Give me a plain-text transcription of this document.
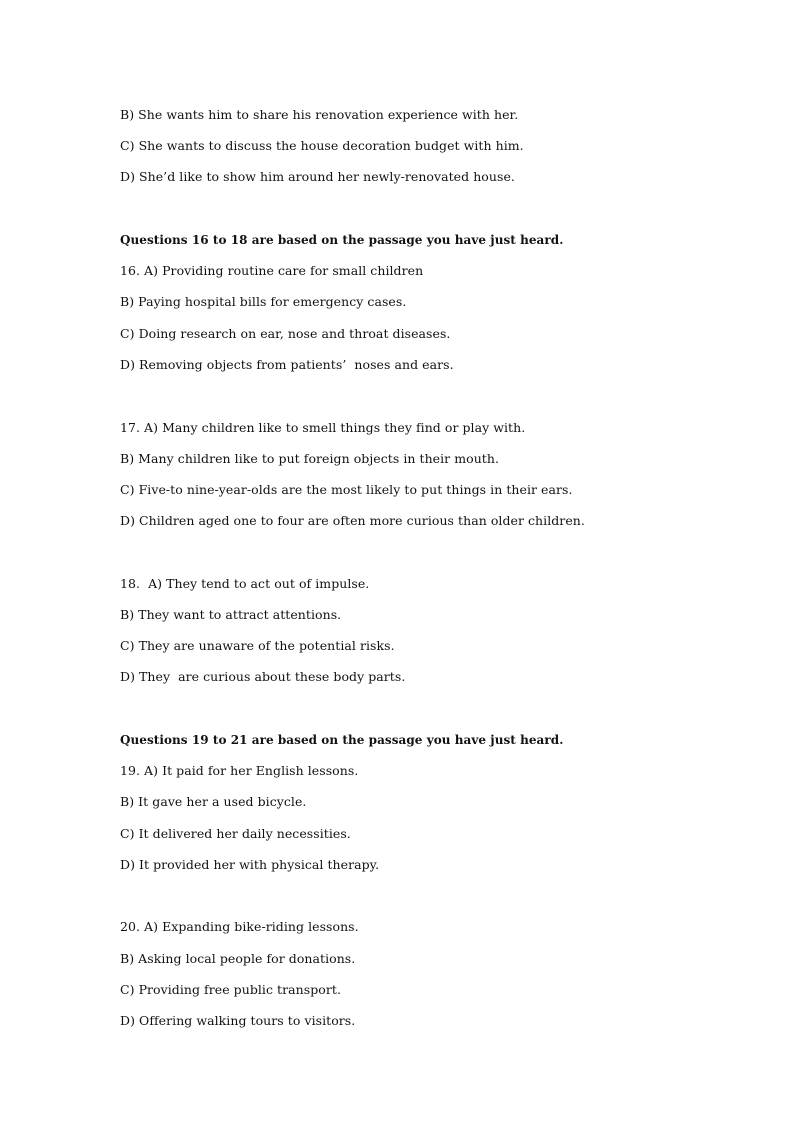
B) She wants him to share his renovation experience with her.
C) She wants to discuss the house decoration budget with him.
D) She’d like to show him around her newly-renovated house.
Questions 16 to 18 are based on the passage you have just heard.
16. A) Providing routine care for small children
B) Paying hospital bills for emergency cases.
C) Doing research on ear, nose and throat diseases.
D) Removing objects from patients’  noses and ears.
17. A) Many children like to smell things they find or play with.
B) Many children like to put foreign objects in their mouth.
C) Five-to nine-year-olds are the most likely to put things in their ears.
D) Children aged one to four are often more curious than older children.
18.  A) They tend to act out of impulse.
B) They want to attract attentions.
C) They are unaware of the potential risks.
D) They  are curious about these body parts.
Questions 19 to 21 are based on the passage you have just heard.
19. A) It paid for her English lessons.
B) It gave her a used bicycle.
C) It delivered her daily necessities.
D) It provided her with physical therapy.
20. A) Expanding bike-riding lessons.
B) Asking local people for donations.
C) Providing free public transport.
D) Offering walking tours to visitors.
